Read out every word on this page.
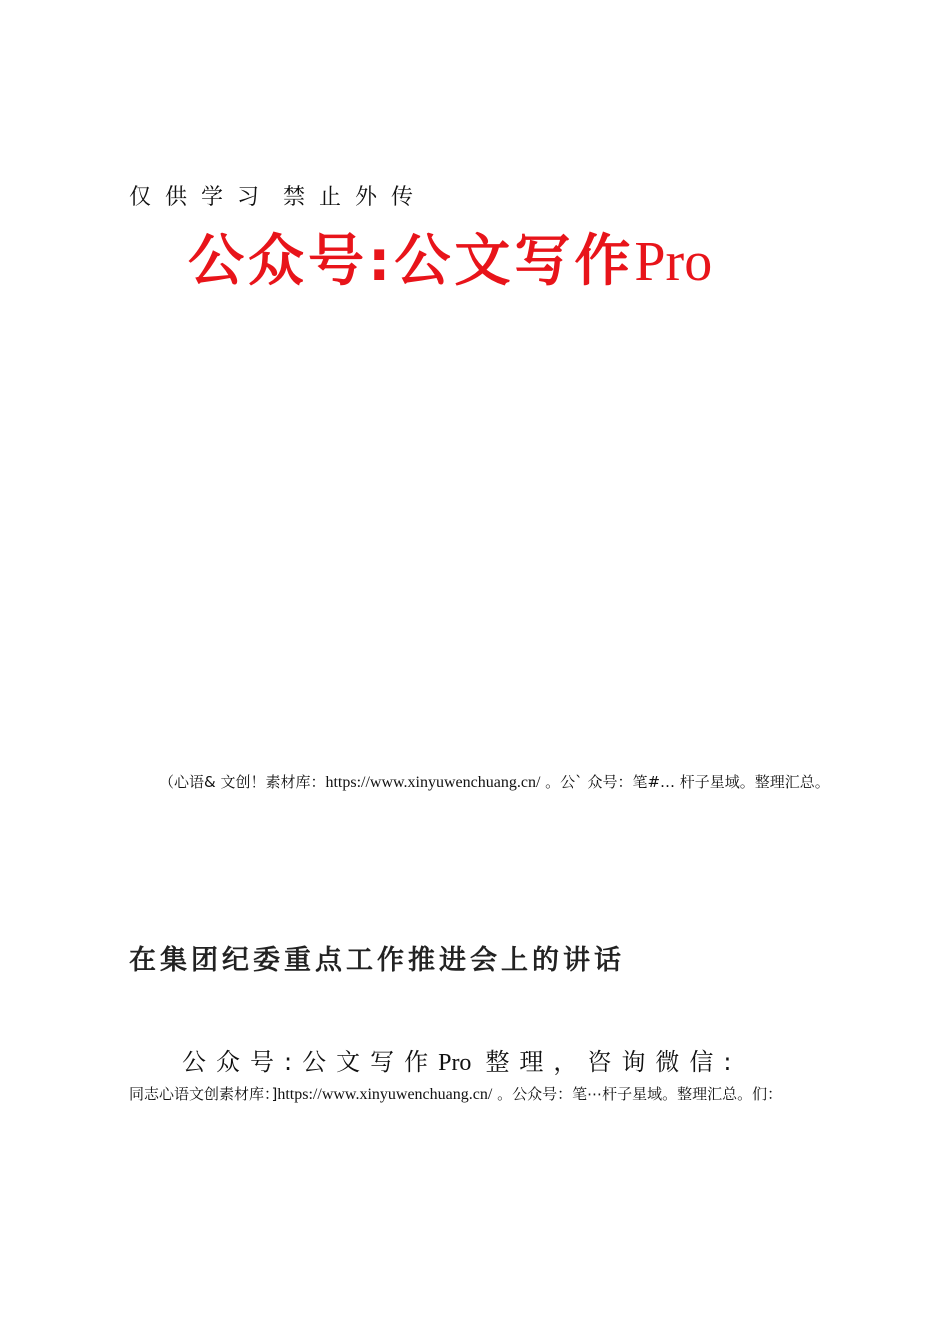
仅供学习 禁止外传
公众号:公文写作Pro
（心语& 文创！素材库：https://www.xinyuwenchuang.cn/ 。公` 众号：笔#… 杆子星域。整理汇总。
在集团纪委重点工作推进会上的讲话
公众号:公文写作Pro 整理，咨询微信:
同志心语文创素材库：]https://www.xinyuwenchuang.cn/ 。公众号：笔⋯杆子星域。整理汇总。们：
